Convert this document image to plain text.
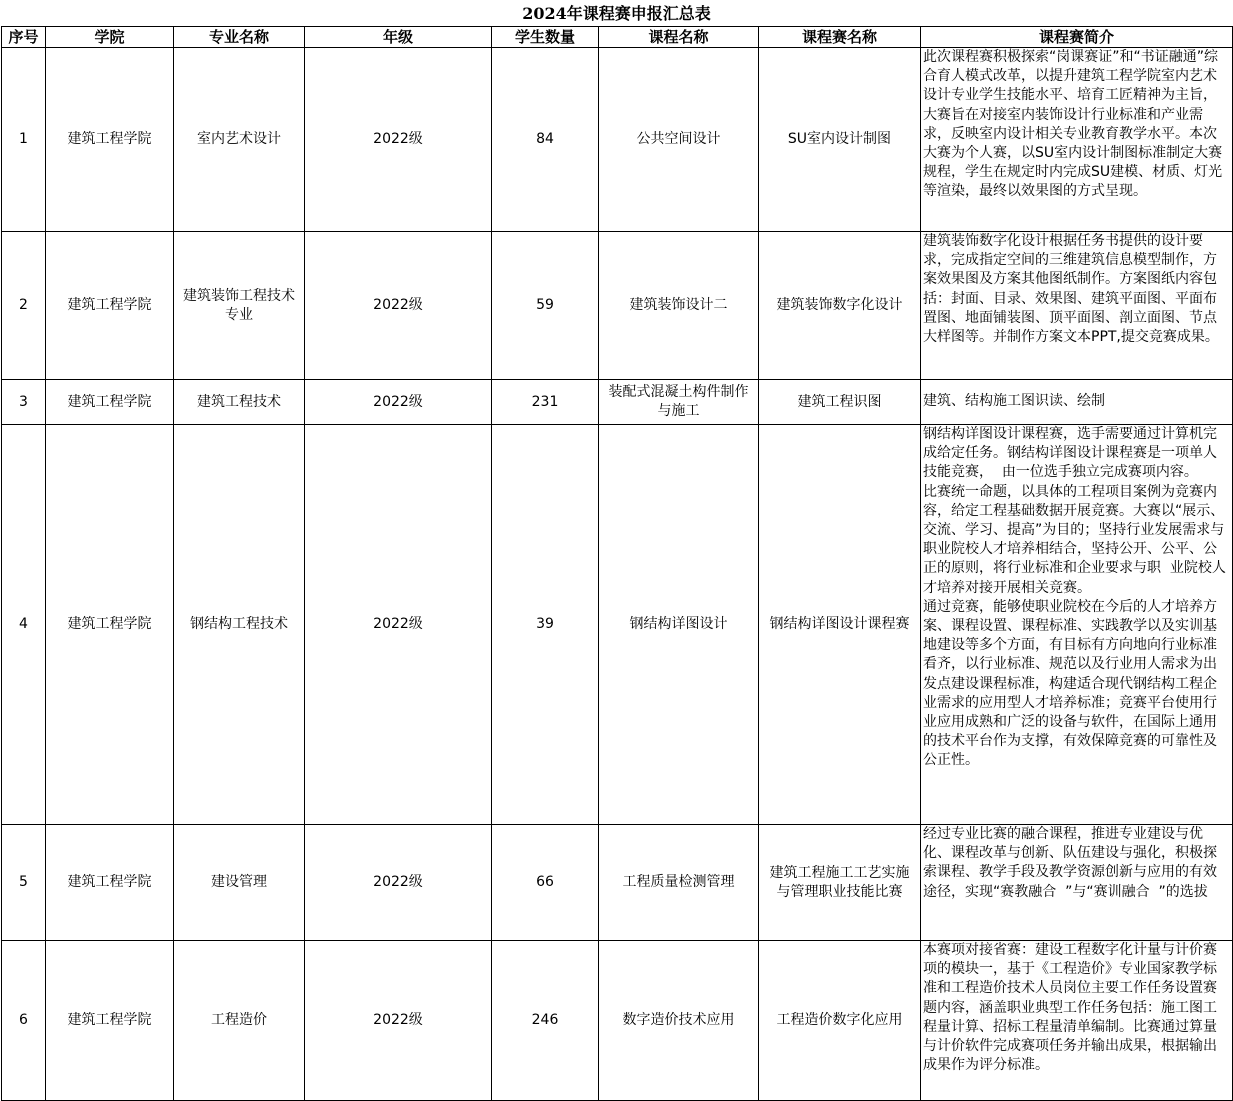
2024年课程赛申报汇总表
序号	学院	专业名称	年级	学生数量	课程名称	课程赛名称	课程赛简介
1	建筑工程学院	室内艺术设计	2022级	84	公共空间设计	SU室内设计制图	此次课程赛积极探索“岗课赛证”和“书证融通”综合育人模式改革，以提升建筑工程学院室内艺术设计专业学生技能水平、培育工匠精神为主旨，大赛旨在对接室内装饰设计行业标准和产业需求，反映室内设计相关专业教育教学水平。本次大赛为个人赛，以SU室内设计制图标准制定大赛规程，学生在规定时内完成SU建模、材质、灯光等渲染，最终以效果图的方式呈现。
2	建筑工程学院	建筑装饰工程技术专业	2022级	59	建筑装饰设计二	建筑装饰数字化设计	建筑装饰数字化设计根据任务书提供的设计要求，完成指定空间的三维建筑信息模型制作，方案效果图及方案其他图纸制作。方案图纸内容包括：封面、目录、效果图、建筑平面图、平面布置图、地面铺装图、顶平面图、剖立面图、节点大样图等。并制作方案文本PPT,提交竞赛成果。
3	建筑工程学院	建筑工程技术	2022级	231	装配式混凝土构件制作与施工	建筑工程识图	建筑、结构施工图识读、绘制
4	建筑工程学院	钢结构工程技术	2022级	39	钢结构详图设计	钢结构详图设计课程赛	钢结构详图设计课程赛，选手需要通过计算机完成给定任务。钢结构详图设计课程赛是一项单人技能竞赛，  由一位选手独立完成赛项内容。
比赛统一命题，以具体的工程项目案例为竞赛内容，给定工程基础数据开展竞赛。大赛以“展示、交流、学习、提高”为目的；坚持行业发展需求与职业院校人才培养相结合，坚持公开、公平、公正的原则，将行业标准和企业要求与职  业院校人才培养对接开展相关竞赛。
通过竞赛，能够使职业院校在今后的人才培养方案、课程设置、课程标准、实践教学以及实训基地建设等多个方面，有目标有方向地向行业标准看齐，以行业标准、规范以及行业用人需求为出发点建设课程标准，构建适合现代钢结构工程企业需求的应用型人才培养标准；竞赛平台使用行业应用成熟和广泛的设备与软件，在国际上通用的技术平台作为支撑，有效保障竞赛的可靠性及公正性。
5	建筑工程学院	建设管理	2022级	66	工程质量检测管理	建筑工程施工工艺实施与管理职业技能比赛	经过专业比赛的融合课程，推进专业建设与优化、课程改革与创新、队伍建设与强化，积极探索课程、教学手段及教学资源创新与应用的有效途径，实现“赛教融合  ”与“赛训融合  ”的选拔
6	建筑工程学院	工程造价	2022级	246	数字造价技术应用	工程造价数字化应用	本赛项对接省赛：建设工程数字化计量与计价赛项的模块一，基于《工程造价》专业国家教学标准和工程造价技术人员岗位主要工作任务设置赛题内容，涵盖职业典型工作任务包括：施工图工程量计算、招标工程量清单编制。比赛通过算量与计价软件完成赛项任务并输出成果，根据输出成果作为评分标准。
